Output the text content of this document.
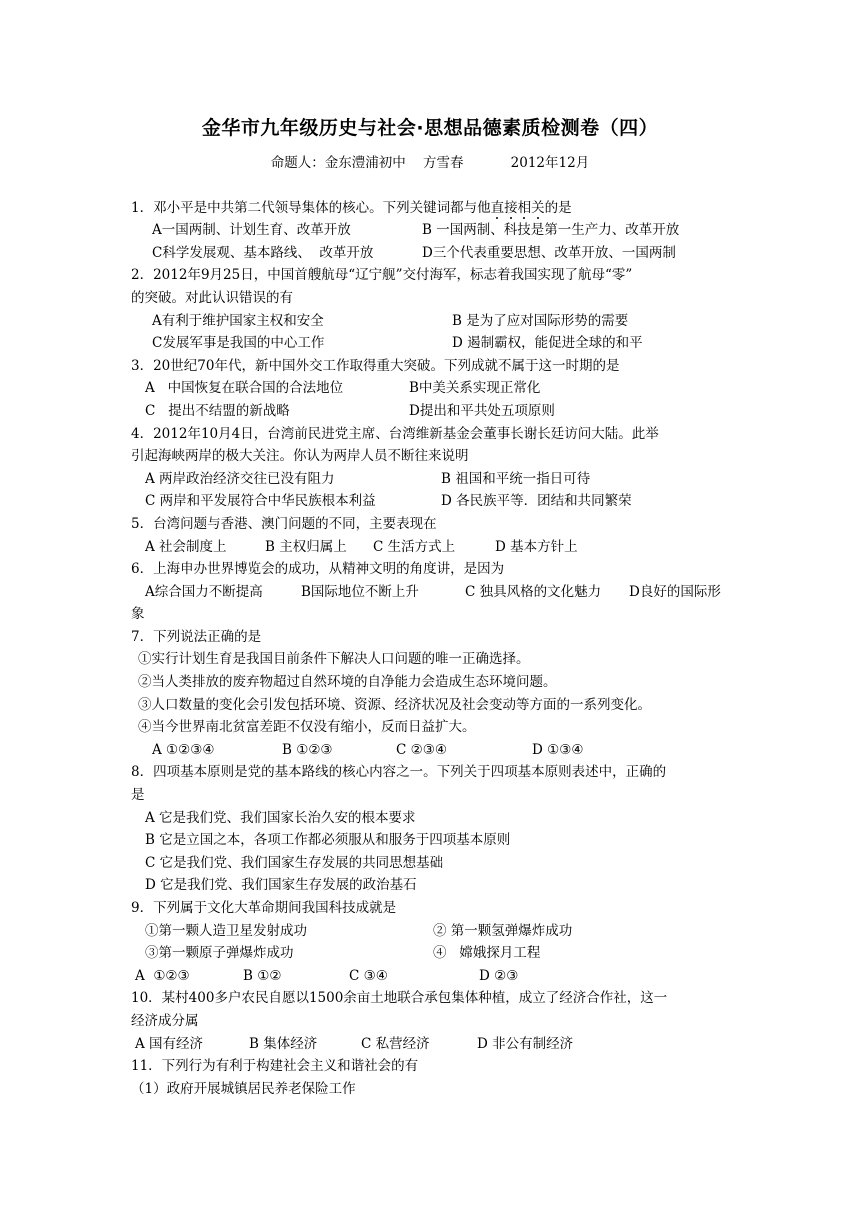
金华市九年级历史与社会·思想品德素质检测卷（四）
命题人：金东澧浦初中    方雪春           2012年12月

1．邓小平是中共第二代领导集体的核心。下列关键词都与他直接相关的是
A一国两制、计划生育、改革开放	B 一国两制、科技是第一生产力、改革开放
C科学发展观、基本路线、  改革开放	D三个代表重要思想、改革开放、一国两制
2．2012年9月25日，中国首艘航母“辽宁舰”交付海军，标志着我国实现了航母“零”
的突破。对此认识错误的有
A有利于维护国家主权和安全	B 是为了应对国际形势的需要
C发展军事是我国的中心工作	D 遏制霸权，能促进全球的和平
3．20世纪70年代，新中国外交工作取得重大突破。下列成就不属于这一时期的是
A   中国恢复在联合国的合法地位	B中美关系实现正常化
C   提出不结盟的新战略	D提出和平共处五项原则
4．2012年10月4日，台湾前民进党主席、台湾维新基金会董事长谢长廷访问大陆。此举
引起海峡两岸的极大关注。你认为两岸人员不断往来说明
A 两岸政治经济交往已没有阻力	B 祖国和平统一指日可待
C 两岸和平发展符合中华民族根本利益	D 各民族平等．团结和共同繁荣
5．台湾问题与香港、澳门问题的不同，主要表现在
A 社会制度上	B 主权归属上	C 生活方式上	D 基本方针上
6．上海申办世界博览会的成功，从精神文明的角度讲，是因为
A综合国力不断提高	B国际地位不断上升	C 独具风格的文化魅力	D良好的国际形
象
7．下列说法正确的是
①实行计划生育是我国目前条件下解决人口问题的唯一正确选择。
②当人类排放的废弃物超过自然环境的自净能力会造成生态环境问题。
③人口数量的变化会引发包括环境、资源、经济状况及社会变动等方面的一系列变化。
④当今世界南北贫富差距不仅没有缩小，反而日益扩大。
A ①②③④	B ①②③	C ②③④	D ①③④
8．四项基本原则是党的基本路线的核心内容之一。下列关于四项基本原则表述中，正确的
是
A 它是我们党、我们国家长治久安的根本要求
B 它是立国之本，各项工作都必须服从和服务于四项基本原则
C 它是我们党、我们国家生存发展的共同思想基础
D 它是我们党、我们国家生存发展的政治基石
9．下列属于文化大革命期间我国科技成就是
①第一颗人造卫星发射成功	② 第一颗氢弹爆炸成功
③第一颗原子弹爆炸成功	④   嫦娥探月工程
A  ①②③	B ①②	C ③④	D ②③
10．某村400多户农民自愿以1500余亩土地联合承包集体种植，成立了经济合作社，这一
经济成分属
A 国有经济	B 集体经济	C 私营经济	D 非公有制经济
11．下列行为有利于构建社会主义和谐社会的有
（1）政府开展城镇居民养老保险工作
